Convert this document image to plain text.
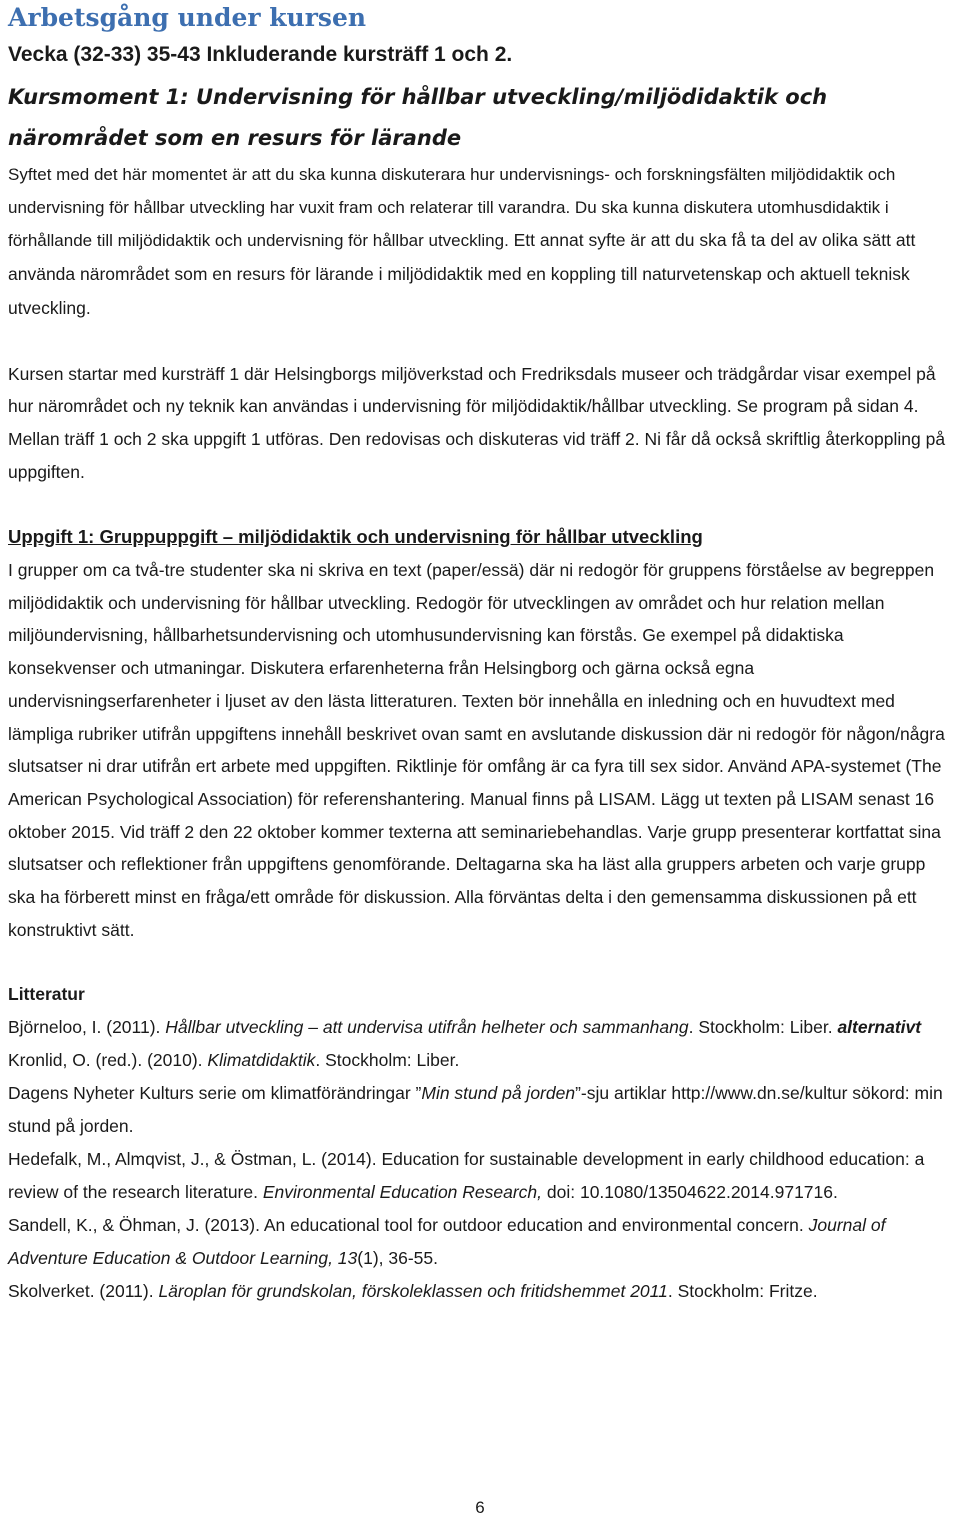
Arbetsgång under kursen
Vecka (32-33) 35-43 Inkluderande kursträff 1 och 2.
Kursmoment 1: Undervisning för hållbar utveckling/miljödidaktik och närområdet som en resurs för lärande

Syftet med det här momentet är att du ska kunna diskuterara hur undervisnings- och forskningsfälten miljödidaktik och undervisning för hållbar utveckling har vuxit fram och relaterar till varandra. Du ska kunna diskutera utomhusdidaktik i förhållande till miljödidaktik och undervisning för hållbar utveckling. Ett annat syfte är att du ska få ta del av olika sätt att använda närområdet som en resurs för lärande i miljödidaktik med en koppling till naturvetenskap och aktuell teknisk utveckling.

Kursen startar med kursträff 1 där Helsingborgs miljöverkstad och Fredriksdals museer och trädgårdar visar exempel på hur närområdet och ny teknik kan användas i undervisning för miljödidaktik/hållbar utveckling. Se program på sidan 4. Mellan träff 1 och 2 ska uppgift 1 utföras. Den redovisas och diskuteras vid träff 2. Ni får då också skriftlig återkoppling på uppgiften.

Uppgift 1: Gruppuppgift – miljödidaktik och undervisning för hållbar utveckling
I grupper om ca två-tre studenter ska ni skriva en text (paper/essä) där ni redogör för gruppens förståelse av begreppen miljödidaktik och undervisning för hållbar utveckling. Redogör för utvecklingen av området och hur relation mellan miljöundervisning, hållbarhetsundervisning och utomhusundervisning kan förstås. Ge exempel på didaktiska konsekvenser och utmaningar. Diskutera erfarenheterna från Helsingborg och gärna också egna undervisningserfarenheter i ljuset av den lästa litteraturen. Texten bör innehålla en inledning och en huvudtext med lämpliga rubriker utifrån uppgiftens innehåll beskrivet ovan samt en avslutande diskussion där ni redogör för någon/några slutsatser ni drar utifrån ert arbete med uppgiften. Riktlinje för omfång är ca fyra till sex sidor. Använd APA-systemet (The American Psychological Association) för referenshantering. Manual finns på LISAM. Lägg ut texten på LISAM senast 16 oktober 2015. Vid träff 2 den 22 oktober kommer texterna att seminariebehandlas. Varje grupp presenterar kortfattat sina slutsatser och reflektioner från uppgiftens genomförande. Deltagarna ska ha läst alla gruppers arbeten och varje grupp ska ha förberett minst en fråga/ett område för diskussion. Alla förväntas delta i den gemensamma diskussionen på ett konstruktivt sätt.

Litteratur

Björneloo, I. (2011). Hållbar utveckling – att undervisa utifrån helheter och sammanhang. Stockholm: Liber. alternativt Kronlid, O. (red.). (2010). Klimatdidaktik. Stockholm: Liber.

Dagens Nyheter Kulturs serie om klimatförändringar ”Min stund på jorden”-sju artiklar http://www.dn.se/kultur sökord: min stund på jorden.

Hedefalk, M., Almqvist, J., & Östman, L. (2014). Education for sustainable development in early childhood education: a review of the research literature. Environmental Education Research, doi: 10.1080/13504622.2014.971716.

Sandell, K., & Öhman, J. (2013). An educational tool for outdoor education and environmental concern. Journal of Adventure Education & Outdoor Learning, 13(1), 36-55.

Skolverket. (2011). Läroplan för grundskolan, förskoleklassen och fritidshemmet 2011. Stockholm: Fritze.

6
